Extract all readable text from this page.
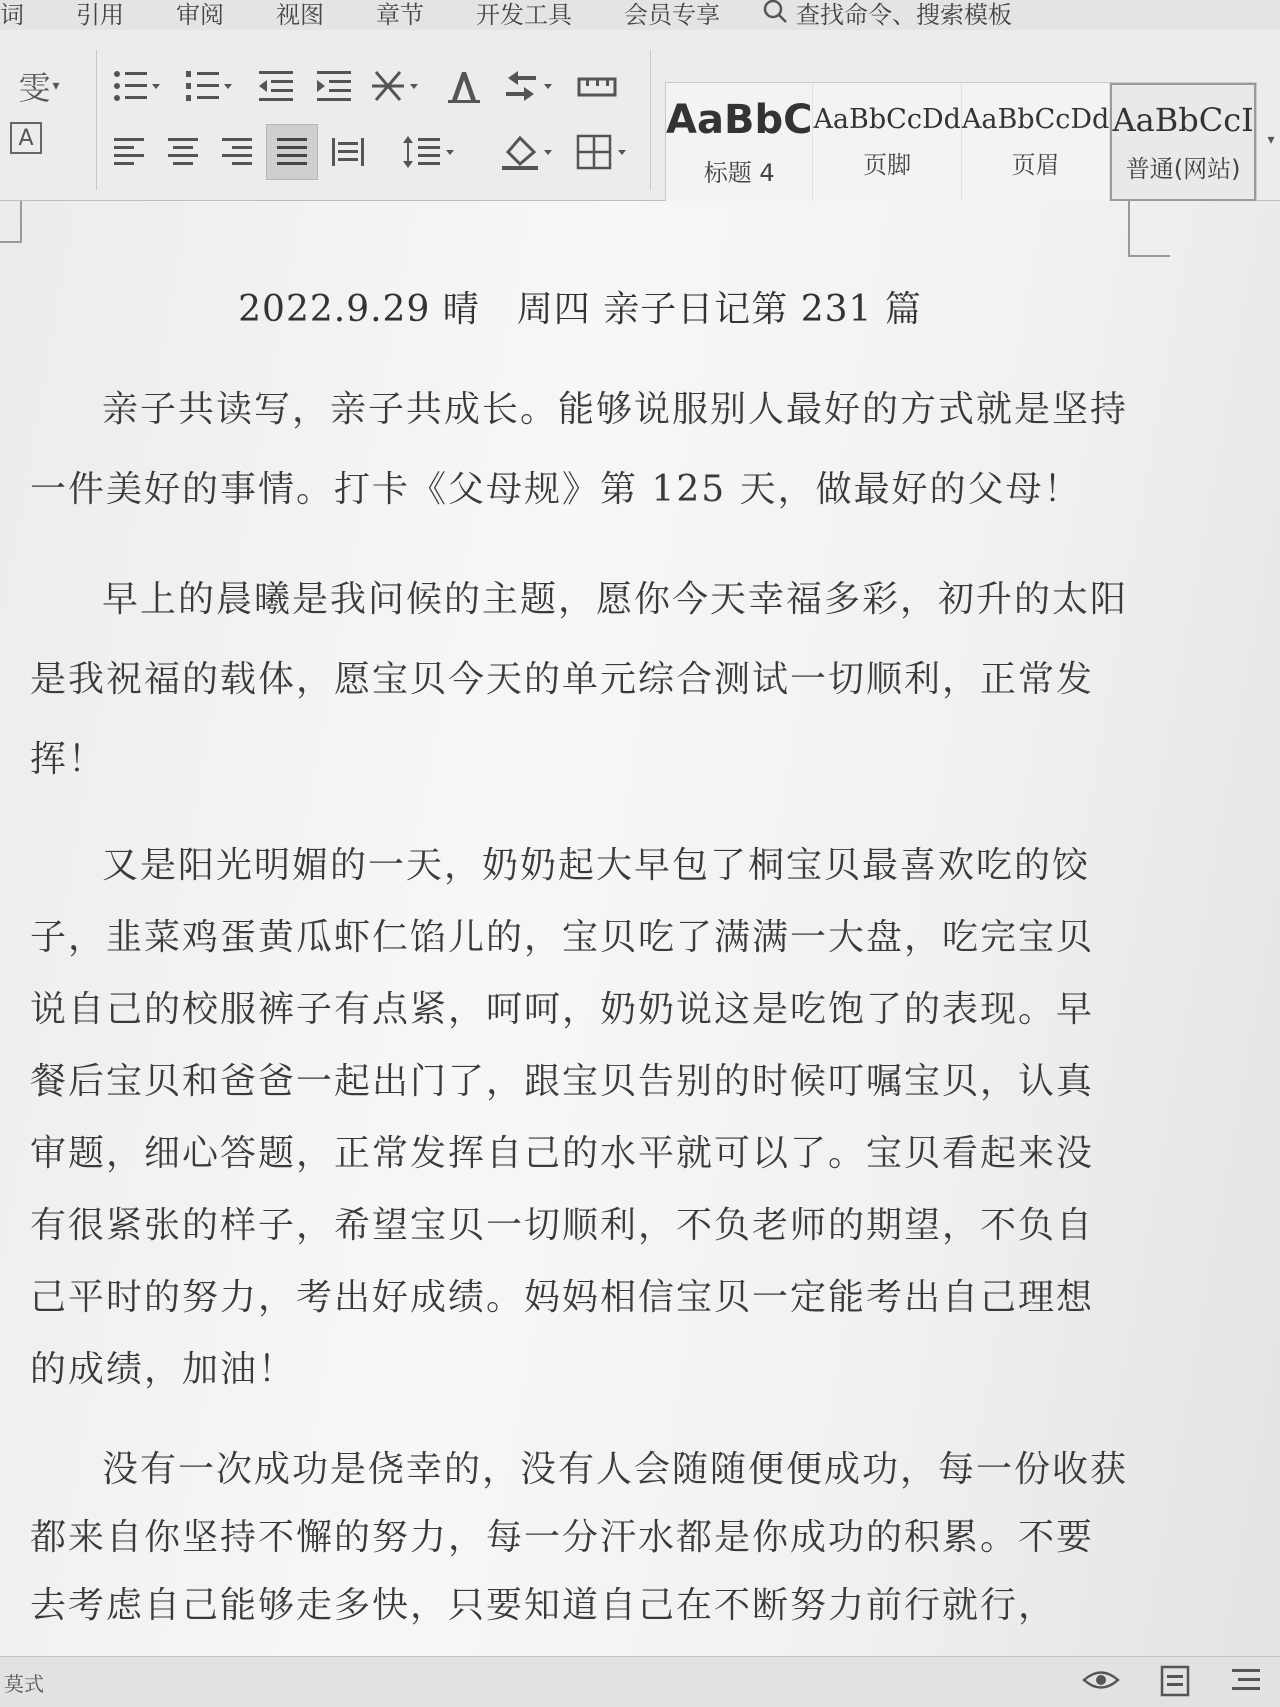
词	引用	审阅	视图	章节	开发工具	会员专享	查找命令、搜索模板
雯 ▾
A	AaBbC
标题 4
AaBbCcDd
页脚
AaBbCcDd
页眉
AaBbCcI
普通(网站)
▾
2022.9.29 晴　周四 亲子日记第 231 篇

亲子共读写，亲子共成长。能够说服别人最好的方式就是坚持一件美好的事情。打卡《父母规》第 125 天，做最好的父母！

早上的晨曦是我问候的主题，愿你今天幸福多彩，初升的太阳是我祝福的载体，愿宝贝今天的单元综合测试一切顺利，正常发挥！

又是阳光明媚的一天，奶奶起大早包了桐宝贝最喜欢吃的饺子，韭菜鸡蛋黄瓜虾仁馅儿的，宝贝吃了满满一大盘，吃完宝贝说自己的校服裤子有点紧，呵呵，奶奶说这是吃饱了的表现。早餐后宝贝和爸爸一起出门了，跟宝贝告别的时候叮嘱宝贝，认真审题，细心答题，正常发挥自己的水平就可以了。宝贝看起来没有很紧张的样子，希望宝贝一切顺利，不负老师的期望，不负自己平时的努力，考出好成绩。妈妈相信宝贝一定能考出自己理想的成绩，加油！

没有一次成功是侥幸的，没有人会随随便便成功，每一份收获都来自你坚持不懈的努力，每一分汗水都是你成功的积累。不要去考虑自己能够走多快，只要知道自己在不断努力前行就行，

莫式
